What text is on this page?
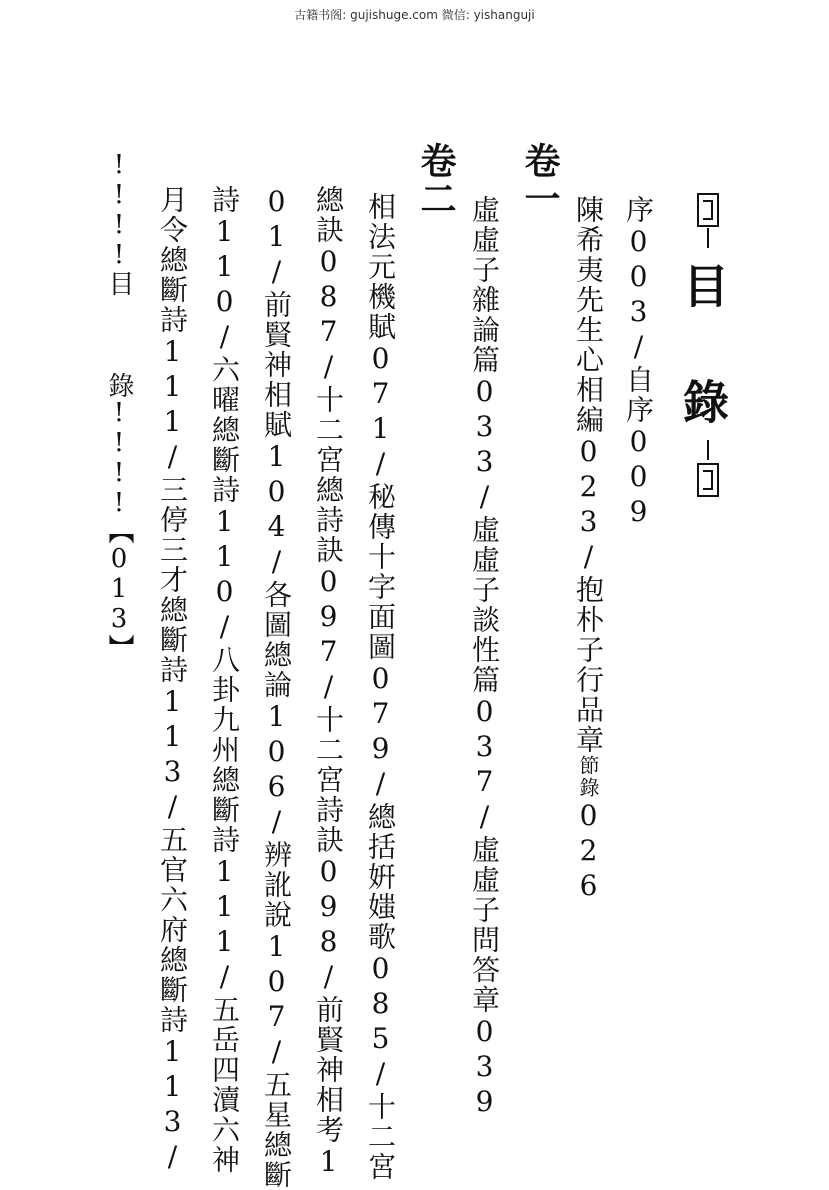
古籍书阁: gujishuge.com 微信: yishanguji
目
錄
序003/自序009
陳希夷先生心相編023/抱朴子行品章節錄026
卷一
虛虛子雜論篇033/虛虛子談性篇037/虛虛子問答章039
卷二
相法元機賦071/秘傳十字面圖079/總括姸媸歌085/十二宮
總訣087/十二宮總詩訣097/十二宮詩訣098/前賢神相考1
01/前賢神相賦104/各圖總論106/辨訛說107/五星總斷
詩110/六曜總斷詩110/八卦九州總斷詩111/五岳四瀆六神
月令總斷詩111/三停三才總斷詩113/五官六府總斷詩113/
!!!!目
錄!!!!【013】
